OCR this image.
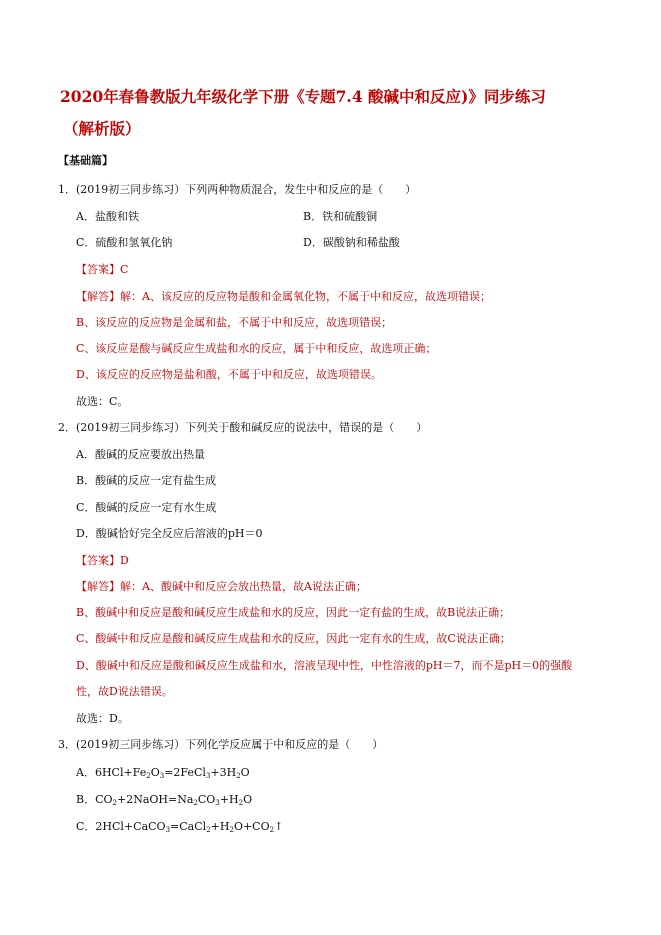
2020年春鲁教版九年级化学下册《专题7.4 酸碱中和反应)》同步练习
（解析版）
【基础篇】
1．(2019初三同步练习）下列两种物质混合，发生中和反应的是（　　）
A．盐酸和铁	B．铁和硫酸铜
C．硫酸和氢氧化钠	D．碳酸钠和稀盐酸
【答案】C
【解答】解：A、该反应的反应物是酸和金属氧化物，不属于中和反应，故选项错误；
B、该反应的反应物是金属和盐，不属于中和反应，故选项错误；
C、该反应是酸与碱反应生成盐和水的反应，属于中和反应，故选项正确；
D、该反应的反应物是盐和酸，不属于中和反应，故选项错误。
故选：C。
2．(2019初三同步练习）下列关于酸和碱反应的说法中，错误的是（　　）
A．酸碱的反应要放出热量
B．酸碱的反应一定有盐生成
C．酸碱的反应一定有水生成
D．酸碱恰好完全反应后溶液的pH＝0
【答案】D
【解答】解：A、酸碱中和反应会放出热量，故A说法正确；
B、酸碱中和反应是酸和碱反应生成盐和水的反应，因此一定有盐的生成，故B说法正确；
C、酸碱中和反应是酸和碱反应生成盐和水的反应，因此一定有水的生成，故C说法正确；
D、酸碱中和反应是酸和碱反应生成盐和水，溶液呈现中性，中性溶液的pH＝7，而不是pH＝0的强酸
性，故D说法错误。
故选：D。
3．(2019初三同步练习）下列化学反应属于中和反应的是（　　）
A．$6HCl+Fe_2O_3=2FeCl_3+3H_2O$
B．$CO_2+2NaOH=Na_2CO_3+H_2O$
C．$2HCl+CaCO_3=CaCl_2+H_2O+CO_2↑$
